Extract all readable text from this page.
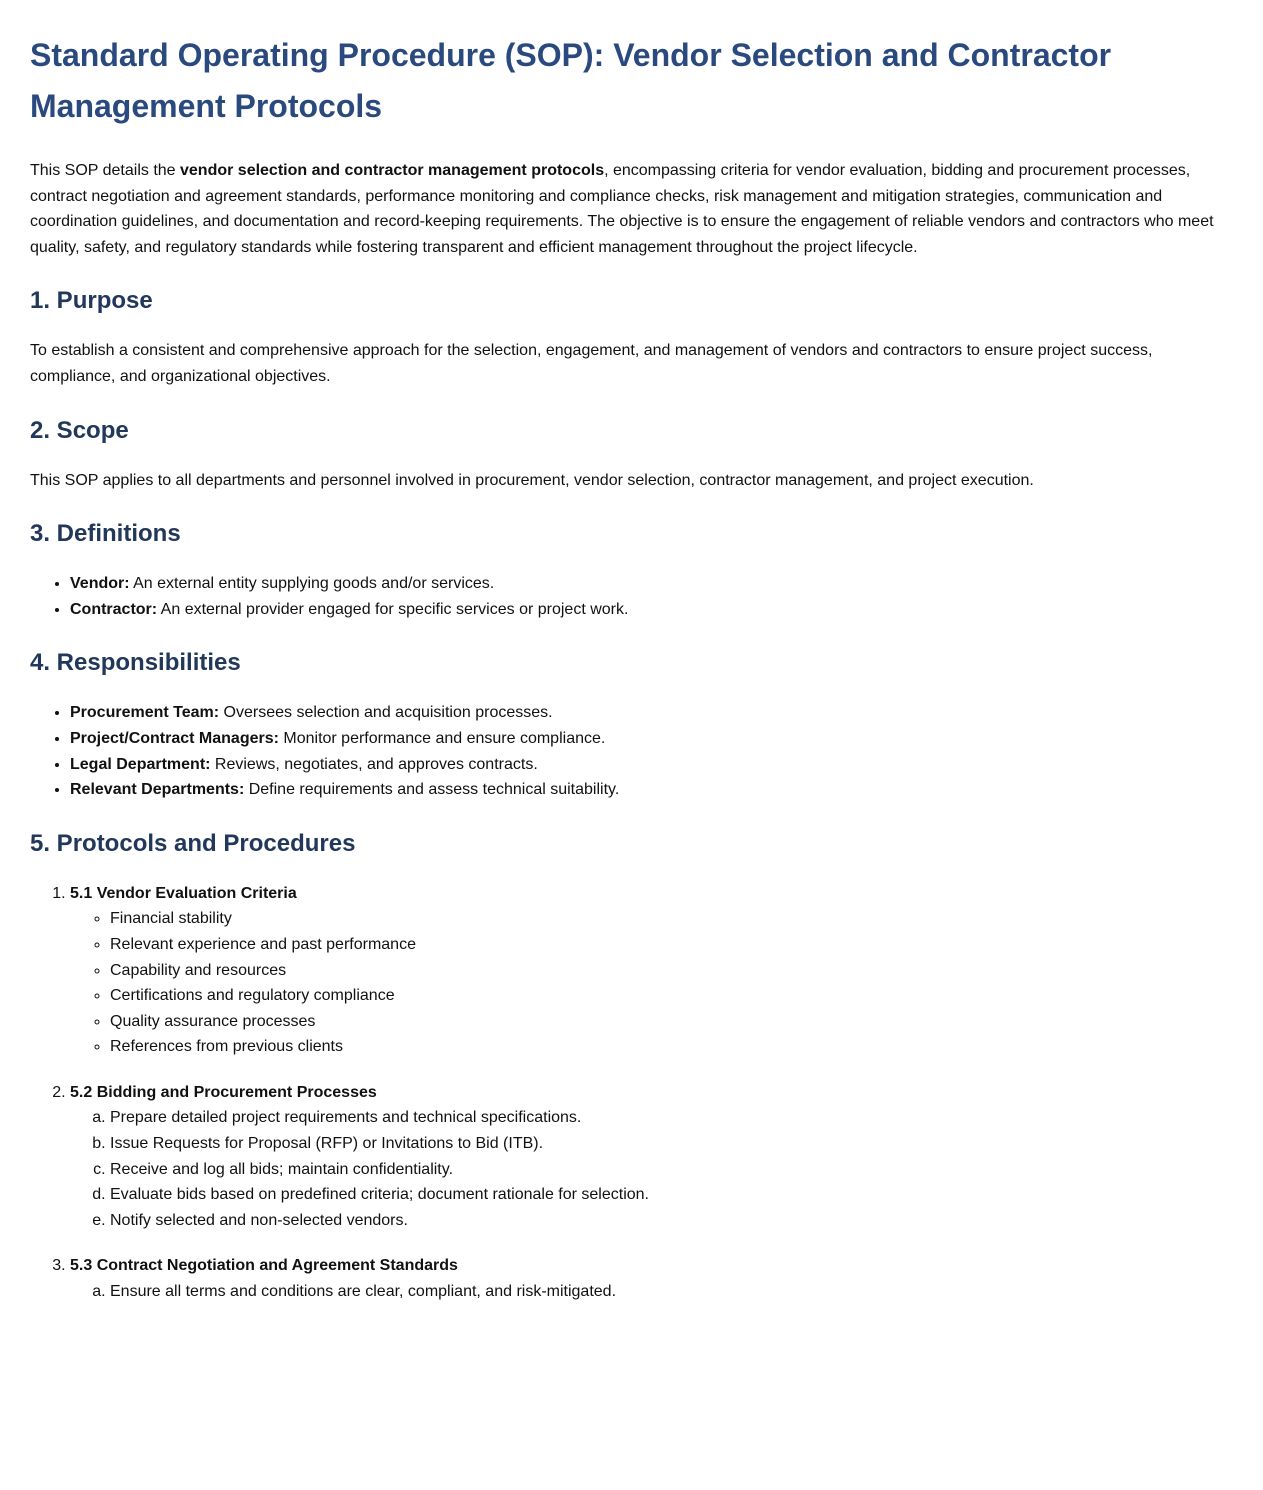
Standard Operating Procedure (SOP): Vendor Selection and Contractor Management Protocols

This SOP details the vendor selection and contractor management protocols, encompassing criteria for vendor evaluation, bidding and procurement processes, contract negotiation and agreement standards, performance monitoring and compliance checks, risk management and mitigation strategies, communication and coordination guidelines, and documentation and record-keeping requirements. The objective is to ensure the engagement of reliable vendors and contractors who meet quality, safety, and regulatory standards while fostering transparent and efficient management throughout the project lifecycle.

1. Purpose

To establish a consistent and comprehensive approach for the selection, engagement, and management of vendors and contractors to ensure project success, compliance, and organizational objectives.

2. Scope

This SOP applies to all departments and personnel involved in procurement, vendor selection, contractor management, and project execution.

3. Definitions
• Vendor: An external entity supplying goods and/or services.
• Contractor: An external provider engaged for specific services or project work.
4. Responsibilities
• Procurement Team: Oversees selection and acquisition processes.
• Project/Contract Managers: Monitor performance and ensure compliance.
• Legal Department: Reviews, negotiates, and approves contracts.
• Relevant Departments: Define requirements and assess technical suitability.
5. Protocols and Procedures
1. 5.1 Vendor Evaluation Criteria
◦ Financial stability
◦ Relevant experience and past performance
◦ Capability and resources
◦ Certifications and regulatory compliance
◦ Quality assurance processes
◦ References from previous clients
2. 5.2 Bidding and Procurement Processes
a. Prepare detailed project requirements and technical specifications.
b. Issue Requests for Proposal (RFP) or Invitations to Bid (ITB).
c. Receive and log all bids; maintain confidentiality.
d. Evaluate bids based on predefined criteria; document rationale for selection.
e. Notify selected and non-selected vendors.
3. 5.3 Contract Negotiation and Agreement Standards
a. Ensure all terms and conditions are clear, compliant, and risk-mitigated.
